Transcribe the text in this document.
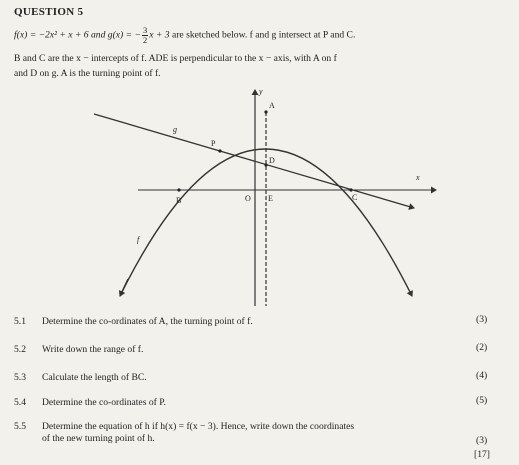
QUESTION 5
f(x) = −2x² + x + 6 and g(x) = − $\frac{3}{2}$ x + 3 are sketched below. f and g intersect at P and C.
B and C are the x − intercepts of f. ADE is perpendicular to the x − axis, with A on f
and D on g. A is the turning point of f.
y
x
A
P
D
B	O E	C
g
f
5.1 Determine the co-ordinates of A, the turning point of f.	(3)
5.2 Write down the range of f.	(2)
5.3 Calculate the length of BC.	(4)
5.4 Determine the co-ordinates of P.	(5)
5.5 Determine the equation of h if h(x) = f(x − 3). Hence, write down the coordinates
of the new turning point of h.	(3)
[17]
